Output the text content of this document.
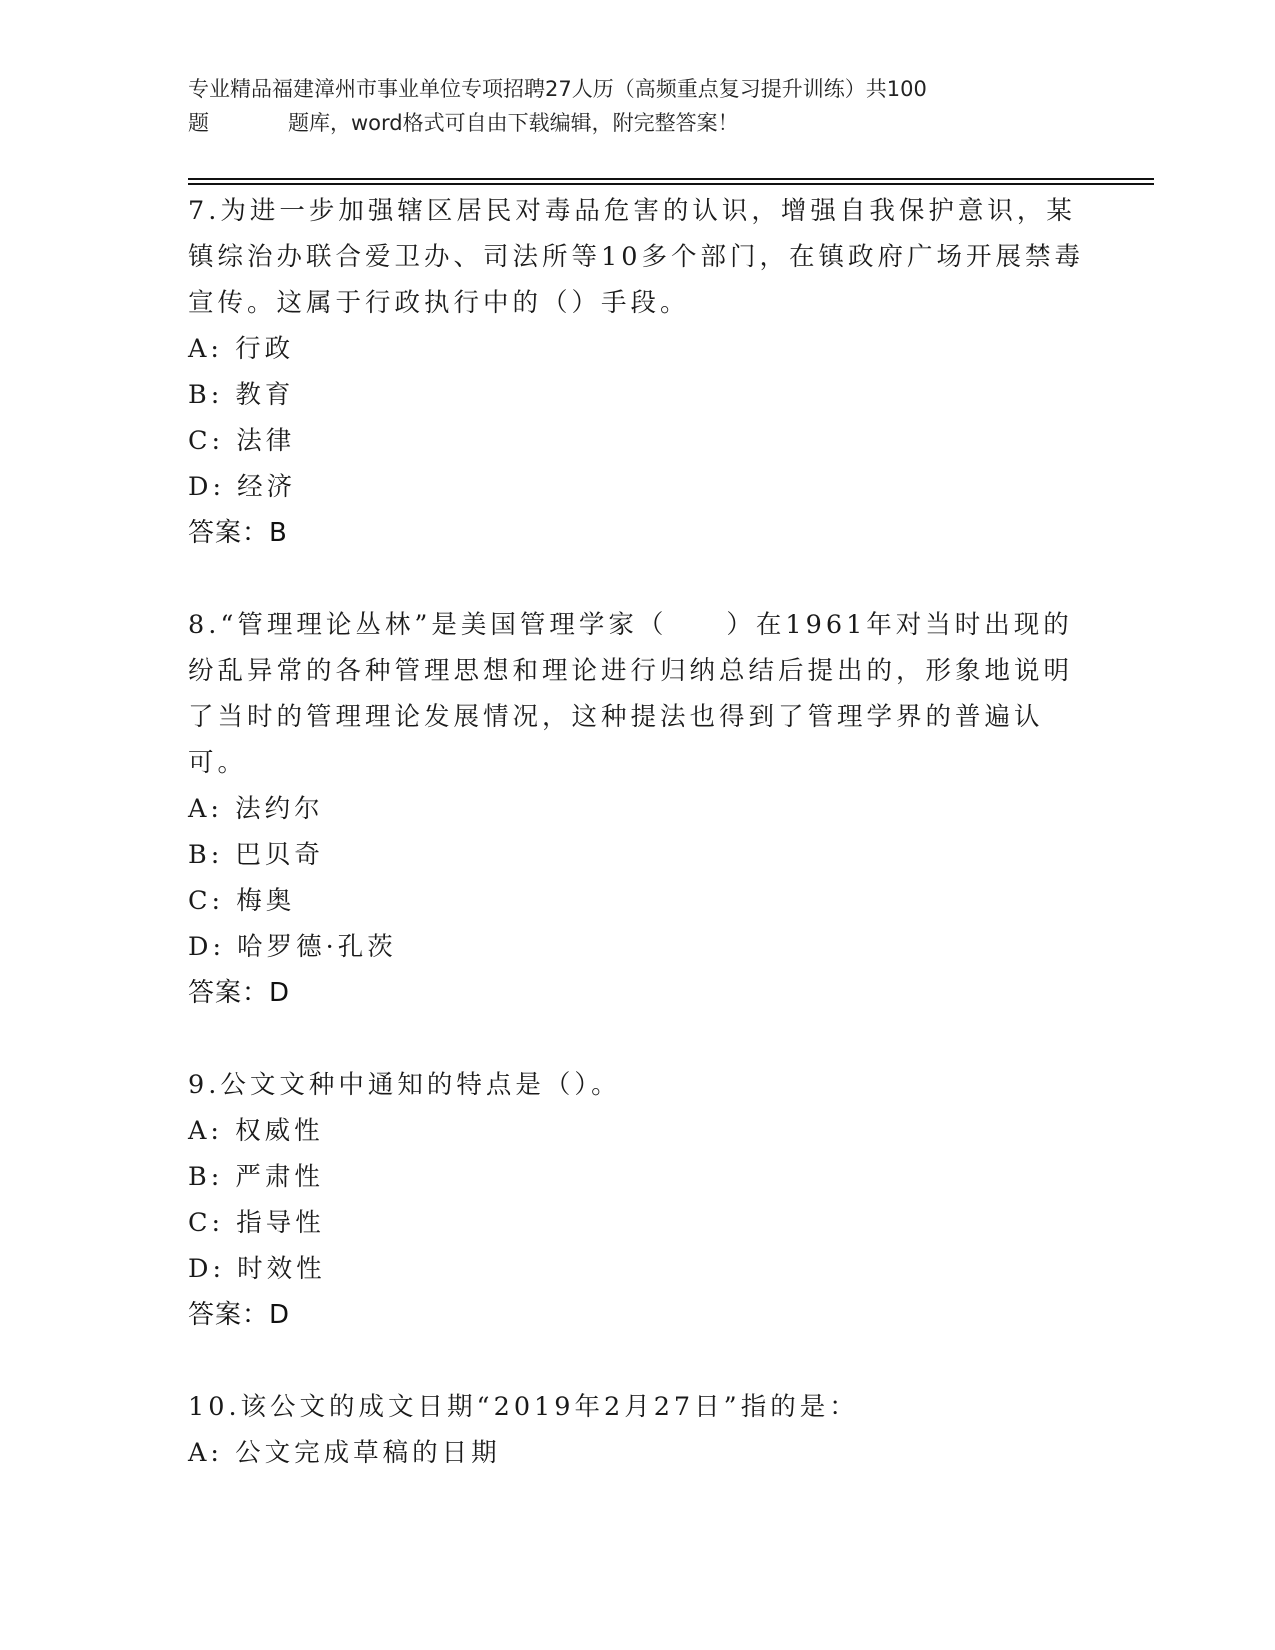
专业精品福建漳州市事业单位专项招聘27人历（高频重点复习提升训练）共100
题	题库，word格式可自由下载编辑，附完整答案！
7.为进一步加强辖区居民对毒品危害的认识，增强自我保护意识，某镇综治办联合爱卫办、司法所等10多个部门，在镇政府广场开展禁毒宣传。这属于行政执行中的（）手段。
A: 行政
B: 教育
C: 法律
D: 经济
答案：B
8.“管理理论丛林”是美国管理学家（　　）在1961年对当时出现的纷乱异常的各种管理思想和理论进行归纳总结后提出的，形象地说明了当时的管理理论发展情况，这种提法也得到了管理学界的普遍认可。
A: 法约尔
B: 巴贝奇
C: 梅奥
D: 哈罗德·孔茨
答案：D
9.公文文种中通知的特点是（）。
A: 权威性
B: 严肃性
C: 指导性
D: 时效性
答案：D
10.该公文的成文日期“2019年2月27日”指的是：
A: 公文完成草稿的日期
